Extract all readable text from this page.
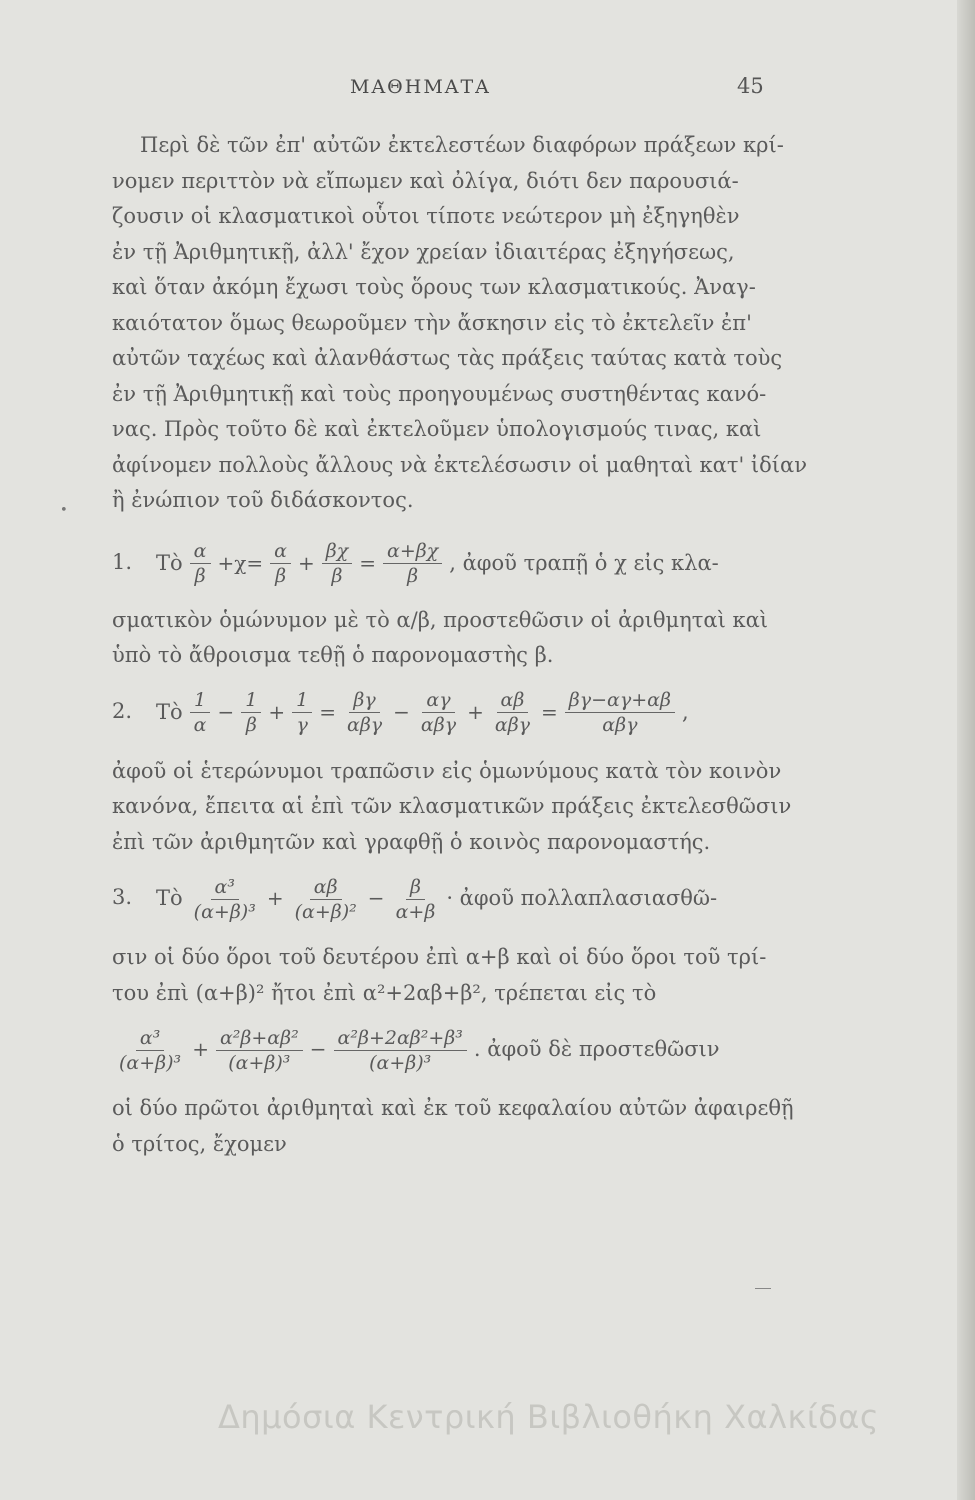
ΜΑΘΗΜΑΤΑ	45
•

Περὶ δὲ τῶν ἐπ' αὐτῶν ἐκτελεστέων διαφόρων πράξεων κρί-
νομεν περιττὸν νὰ εἴπωμεν καὶ ὀλίγα, διότι δεν παρουσιά-
ζουσιν οἱ κλασματικοὶ οὗτοι τίποτε νεώτερον μὴ ἐξηγηθὲν
ἐν τῇ Ἀριθμητικῇ, ἀλλ' ἔχον χρείαν ἰδιαιτέρας ἐξηγήσεως,
καὶ ὅταν ἀκόμη ἔχωσι τοὺς ὅρους των κλασματικούς. Ἀναγ-
καιότατον ὅμως θεωροῦμεν τὴν ἄσκησιν εἰς τὸ ἐκτελεῖν ἐπ'
αὐτῶν ταχέως καὶ ἀλανθάστως τὰς πράξεις ταύτας κατὰ τοὺς
ἐν τῇ Ἀριθμητικῇ καὶ τοὺς προηγουμένως συστηθέντας κανό-
νας. Πρὸς τοῦτο δὲ καὶ ἐκτελοῦμεν ὑπολογισμούς τινας, καὶ
ἀφίνομεν πολλοὺς ἄλλους νὰ ἐκτελέσωσιν οἱ μαθηταὶ κατ' ἰδίαν
ἢ ἐνώπιον τοῦ διδάσκοντος.

1. Τὸ $\frac{\alpha}{\beta} +\chi= \frac{\alpha}{\beta} + \frac{\beta\chi}{\beta} = \frac{\alpha+\beta\chi}{\beta}$ , ἀφοῦ τραπῇ ὁ χ εἰς κλα-
σματικὸν ὁμώνυμον μὲ τὸ α/β, προστεθῶσιν οἱ ἀριθμηταὶ καὶ
ὑπὸ τὸ ἄθροισμα τεθῇ ὁ παρονομαστὴς β.
2. Τὸ $\frac{1}{\alpha} - \frac{1}{\beta} + \frac{1}{\gamma} = \frac{\beta\gamma}{\text{αβγ}} - \frac{\alpha\gamma}{\text{αβγ}} + \frac{\alpha\beta}{\text{αβγ}} = \frac{\beta\gamma-\alpha\gamma+\alpha\beta}{\text{αβγ}}$ ,
ἀφοῦ οἱ ἑτερώνυμοι τραπῶσιν εἰς ὁμωνύμους κατὰ τὸν κοινὸν
κανόνα, ἔπειτα αἱ ἐπὶ τῶν κλασματικῶν πράξεις ἐκτελεσθῶσιν
ἐπὶ τῶν ἀριθμητῶν καὶ γραφθῇ ὁ κοινὸς παρονομαστής.
3. Τὸ $\frac{\text{α³}}{\text{(α+β)³}} + \frac{\alpha\beta}{\text{(α+β)²}} - \frac{\beta}{\alpha+\beta}$ · ἀφοῦ πολλαπλασιασθῶ-
σιν οἱ δύο ὅροι τοῦ δευτέρου ἐπὶ α+β καὶ οἱ δύο ὅροι τοῦ τρί-
του ἐπὶ (α+β)² ἤτοι ἐπὶ α²+2αβ+β², τρέπεται εἰς τὸ
$\frac{\text{α³}}{\text{(α+β)³}} + \frac{\text{α²β+αβ²}}{\text{(α+β)³}} - \frac{\text{α²β+2αβ²+β³}}{\text{(α+β)³}}$ . ἀφοῦ δὲ προστεθῶσιν
οἱ δύο πρῶτοι ἀριθμηταὶ καὶ ἐκ τοῦ κεφαλαίου αὐτῶν ἀφαιρεθῇ
ὁ τρίτος, ἔχομεν
Δημόσια Κεντρική Βιβλιοθήκη Χαλκίδας
